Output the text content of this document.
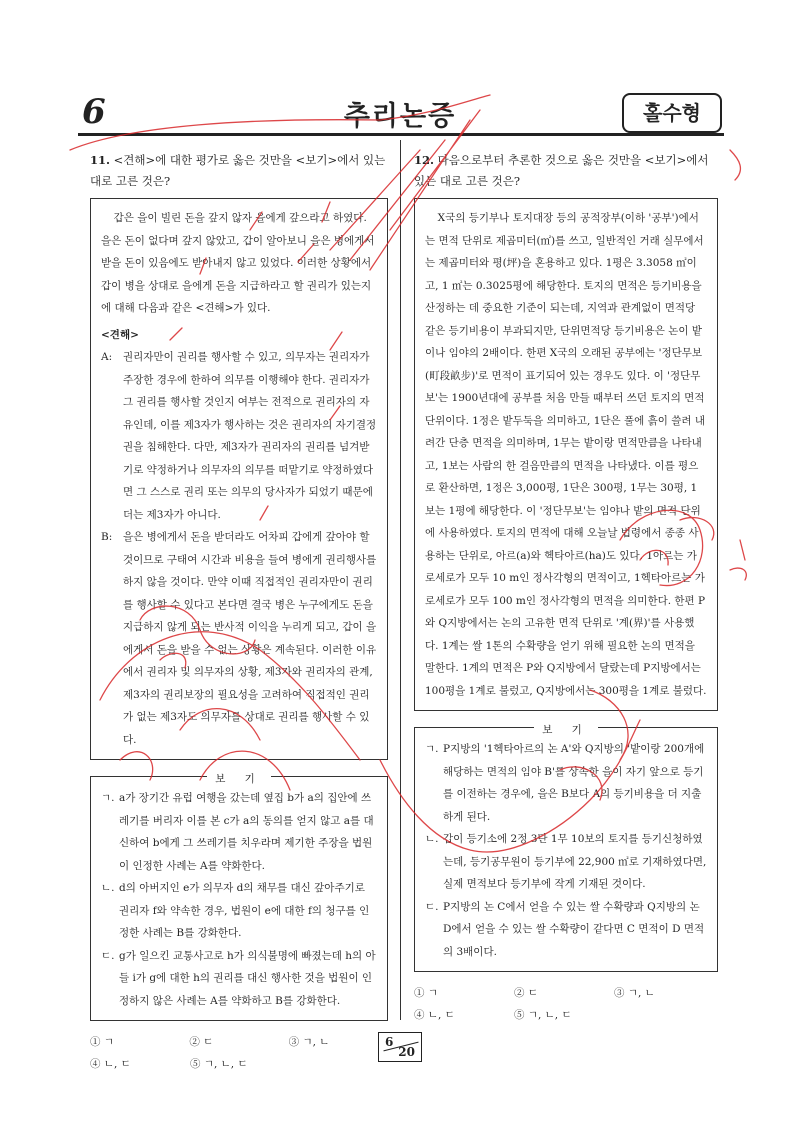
6	추리논증	홀수형
11. <견해>에 대한 평가로 옳은 것만을 <보기>에서 있는 대로 고른 것은?

갑은 을이 빌린 돈을 갚지 않자 을에게 갚으라고 하였다. 을은 돈이 없다며 갚지 않았고, 갑이 알아보니 을은 병에게서 받을 돈이 있음에도 받아내지 않고 있었다. 이러한 상황에서 갑이 병을 상대로 을에게 돈을 지급하라고 할 권리가 있는지에 대해 다음과 같은 <견해>가 있다.

<견해>
A:	권리자만이 권리를 행사할 수 있고, 의무자는 권리자가 주장한 경우에 한하여 의무를 이행해야 한다. 권리자가 그 권리를 행사할 것인지 여부는 전적으로 권리자의 자유인데, 이를 제3자가 행사하는 것은 권리자의 자기결정권을 침해한다. 다만, 제3자가 권리자의 권리를 넘겨받기로 약정하거나 의무자의 의무를 떠맡기로 약정하였다면 그 스스로 권리 또는 의무의 당사자가 되었기 때문에 더는 제3자가 아니다.
B:	을은 병에게서 돈을 받더라도 어차피 갑에게 갚아야 할 것이므로 구태여 시간과 비용을 들여 병에게 권리행사를 하지 않을 것이다. 만약 이때 직접적인 권리자만이 권리를 행사할 수 있다고 본다면 결국 병은 누구에게도 돈을 지급하지 않게 되는 반사적 이익을 누리게 되고, 갑이 을에게서 돈을 받을 수 없는 상황은 계속된다. 이러한 이유에서 권리자 및 의무자의 상황, 제3자와 권리자의 관계, 제3자의 권리보장의 필요성을 고려하여 직접적인 권리가 없는 제3자도 의무자를 상대로 권리를 행사할 수 있다.
보 기
ㄱ. a가 장기간 유럽 여행을 갔는데 옆집 b가 a의 집안에 쓰레기를 버리자 이를 본 c가 a의 동의를 얻지 않고 a를 대신하여 b에게 그 쓰레기를 치우라며 제기한 주장을 법원이 인정한 사례는 A를 약화한다.
ㄴ. d의 아버지인 e가 의무자 d의 채무를 대신 갚아주기로 권리자 f와 약속한 경우, 법원이 e에 대한 f의 청구를 인정한 사례는 B를 강화한다.
ㄷ. g가 일으킨 교통사고로 h가 의식불명에 빠졌는데 h의 아들 i가 g에 대한 h의 권리를 대신 행사한 것을 법원이 인정하지 않은 사례는 A를 약화하고 B를 강화한다.
① ㄱ	② ㄷ	③ ㄱ, ㄴ
④ ㄴ, ㄷ	⑤ ㄱ, ㄴ, ㄷ
12. 다음으로부터 추론한 것으로 옳은 것만을 <보기>에서 있는 대로 고른 것은?

X국의 등기부나 토지대장 등의 공적장부(이하 '공부')에서는 면적 단위로 제곱미터(㎡)를 쓰고, 일반적인 거래 실무에서는 제곱미터와 평(坪)을 혼용하고 있다. 1평은 3.3058 ㎡이고, 1 ㎡는 0.3025평에 해당한다. 토지의 면적은 등기비용을 산정하는 데 중요한 기준이 되는데, 지역과 관계없이 면적당 같은 등기비용이 부과되지만, 단위면적당 등기비용은 논이 밭이나 임야의 2배이다. 한편 X국의 오래된 공부에는 '정단무보(町段畝步)'로 면적이 표기되어 있는 경우도 있다. 이 '정단무보'는 1900년대에 공부를 처음 만들 때부터 쓰던 토지의 면적 단위이다. 1정은 밭두둑을 의미하고, 1단은 풀에 흙이 쓸려 내려간 단층 면적을 의미하며, 1무는 밭이랑 면적만큼을 나타내고, 1보는 사람의 한 걸음만큼의 면적을 나타냈다. 이를 평으로 환산하면, 1정은 3,000평, 1단은 300평, 1무는 30평, 1보는 1평에 해당한다. 이 '정단무보'는 임야나 밭의 면적 단위에 사용하였다. 토지의 면적에 대해 오늘날 법령에서 종종 사용하는 단위로, 아르(a)와 헥타아르(ha)도 있다. 1아르는 가로세로가 모두 10 m인 정사각형의 면적이고, 1헥타아르는 가로세로가 모두 100 m인 정사각형의 면적을 의미한다. 한편 P와 Q지방에서는 논의 고유한 면적 단위로 '계(界)'를 사용했다. 1계는 쌀 1톤의 수확량을 얻기 위해 필요한 논의 면적을 말한다. 1계의 면적은 P와 Q지방에서 달랐는데 P지방에서는 100평을 1계로 불렀고, Q지방에서는 300평을 1계로 불렀다.

보 기
ㄱ. P지방의 '1헥타아르의 논 A'와 Q지방의 '밭이랑 200개에 해당하는 면적의 임야 B'를 상속한 을이 자기 앞으로 등기를 이전하는 경우에, 을은 B보다 A의 등기비용을 더 지출하게 된다.
ㄴ. 갑이 등기소에 2정 3단 1무 10보의 토지를 등기신청하였는데, 등기공무원이 등기부에 22,900 ㎡로 기재하였다면, 실제 면적보다 등기부에 작게 기재된 것이다.
ㄷ. P지방의 논 C에서 얻을 수 있는 쌀 수확량과 Q지방의 논 D에서 얻을 수 있는 쌀 수확량이 같다면 C 면적이 D 면적의 3배이다.
① ㄱ	② ㄷ	③ ㄱ, ㄴ
④ ㄴ, ㄷ	⑤ ㄱ, ㄴ, ㄷ
6
20
